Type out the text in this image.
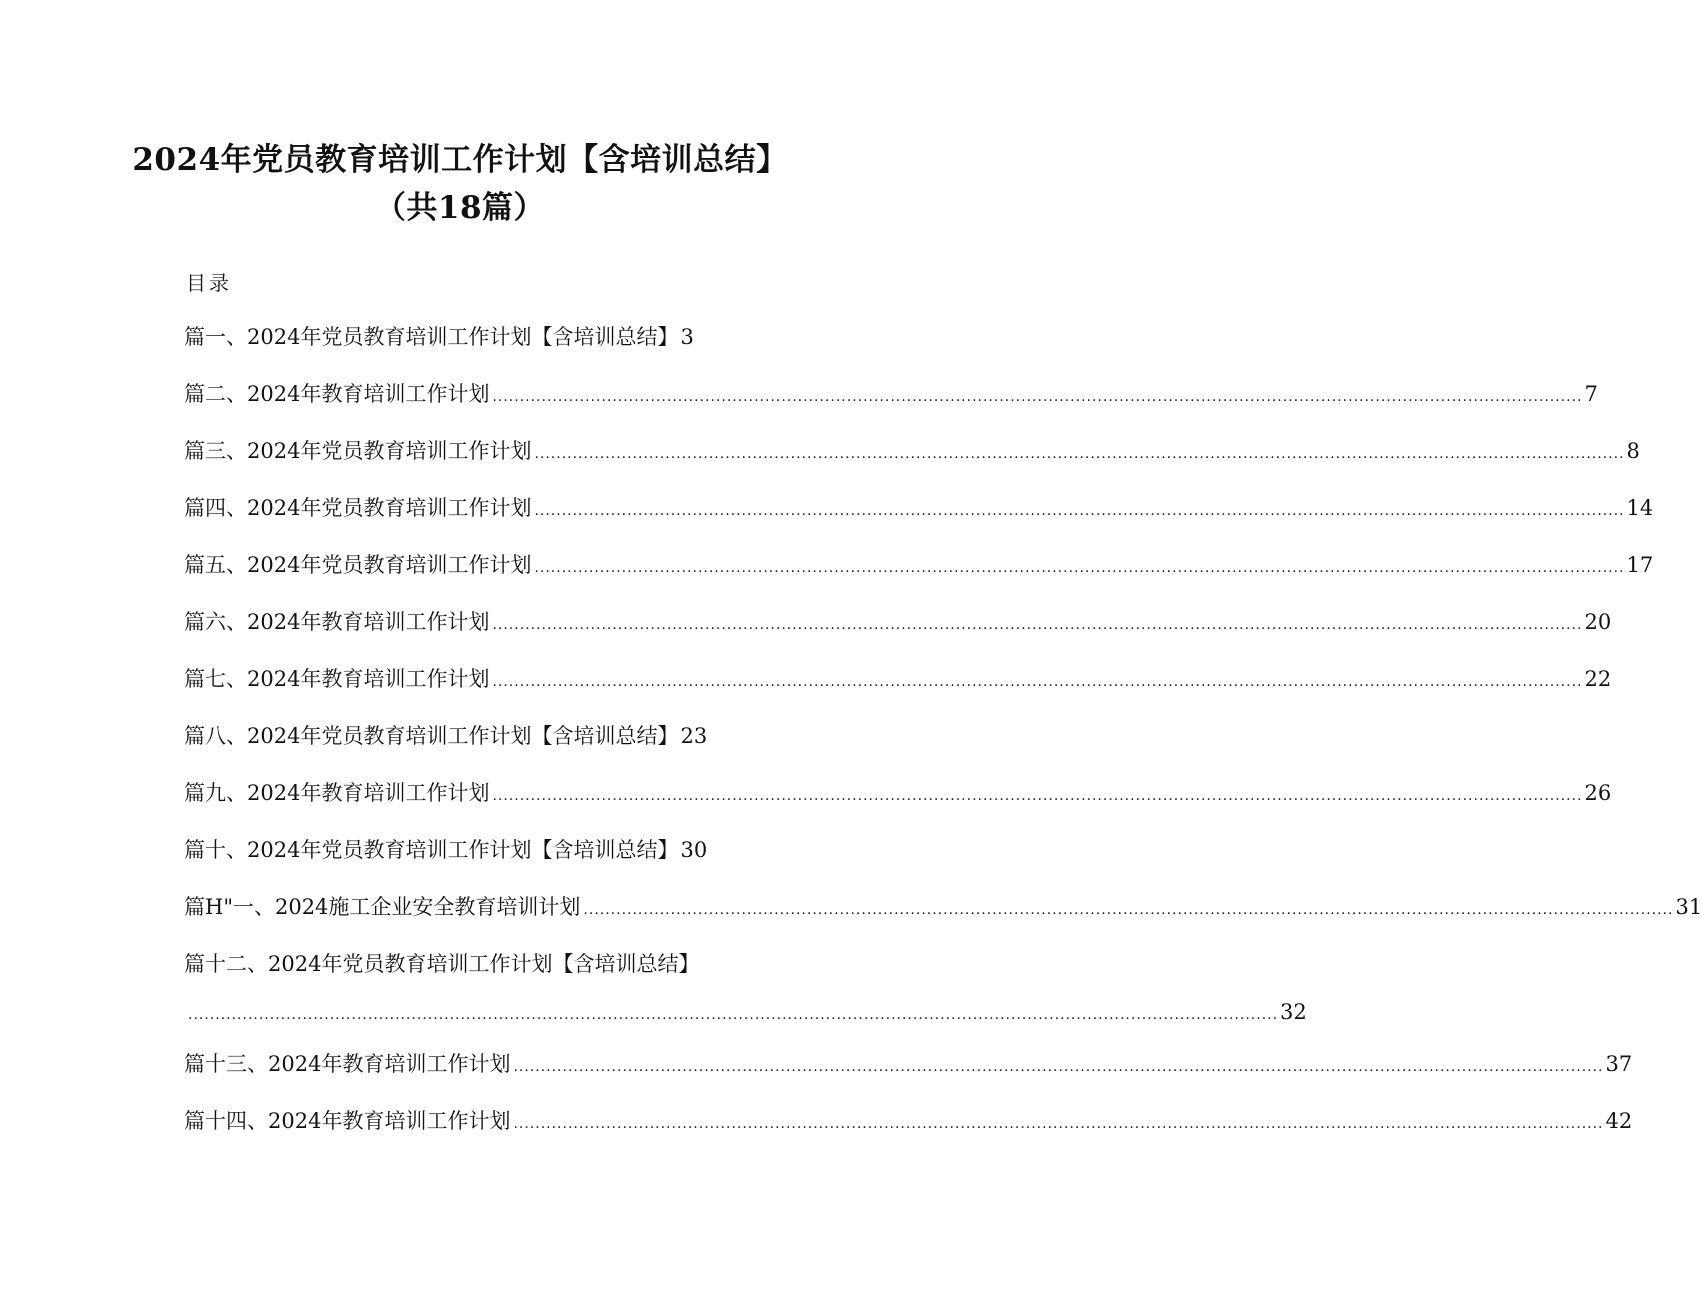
2024年党员教育培训工作计划【含培训总结】
（共18篇）
目录
篇一、2024年党员教育培训工作计划【含培训总结】 3
篇二、2024年教育培训工作计划 ........................................................................................................................................................................................................ 7
篇三、2024年党员教育培训工作计划 ........................................................................................................................................................................................................ 8
篇四、2024年党员教育培训工作计划 ........................................................................................................................................................................................................ 14
篇五、2024年党员教育培训工作计划 ........................................................................................................................................................................................................ 17
篇六、2024年教育培训工作计划 ........................................................................................................................................................................................................ 20
篇七、2024年教育培训工作计划 ........................................................................................................................................................................................................ 22
篇八、2024年党员教育培训工作计划【含培训总结】 23
篇九、2024年教育培训工作计划 ........................................................................................................................................................................................................ 26
篇十、2024年党员教育培训工作计划【含培训总结】 30
篇H"一、2024施工企业安全教育培训计划 ........................................................................................................................................................................................................ 31
篇十二、2024年党员教育培训工作计划【含培训总结】
........................................................................................................................................................................................................ 32
篇十三、2024年教育培训工作计划 ........................................................................................................................................................................................................ 37
篇十四、2024年教育培训工作计划 ........................................................................................................................................................................................................ 42
